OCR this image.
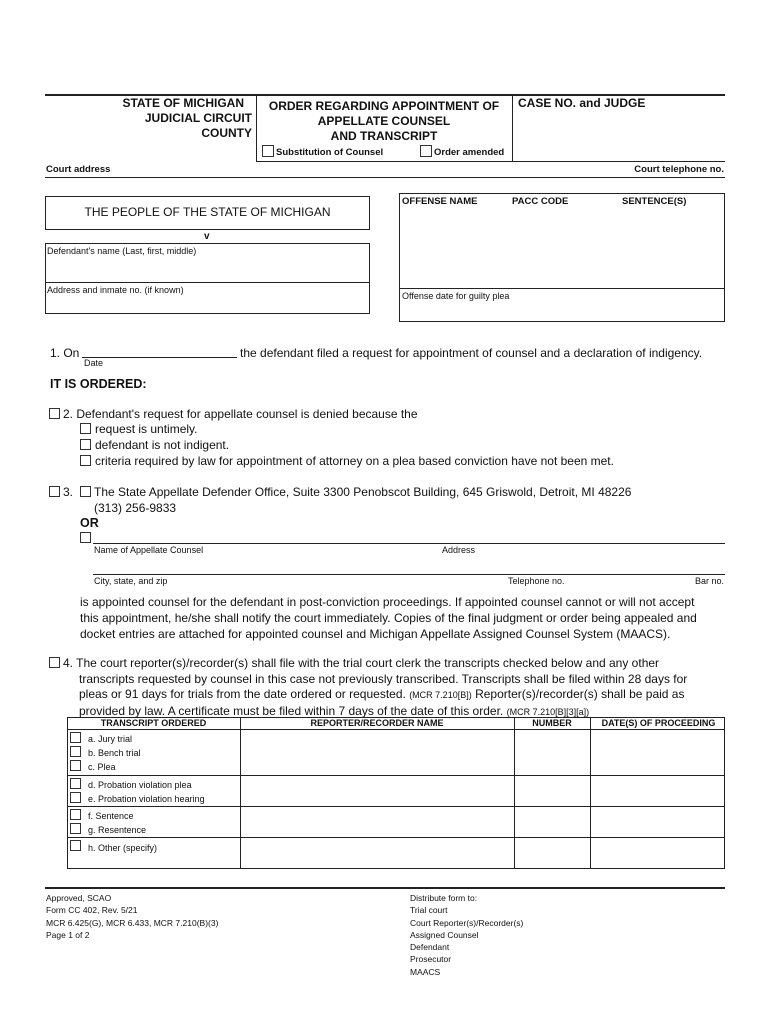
STATE OF MICHIGAN
JUDICIAL CIRCUIT
COUNTY
ORDER REGARDING APPOINTMENT OF
APPELLATE COUNSEL
AND TRANSCRIPT
Substitution of Counsel	Order amended
CASE NO. and JUDGE
Court address	Court telephone no.
THE PEOPLE OF THE STATE OF MICHIGAN
v
Defendant's name (Last, first, middle)
Address and inmate no. (if known)
OFFENSE NAME	PACC CODE	SENTENCE(S)
Offense date for guilty plea
1. On
Date
the defendant filed a request for appointment of counsel and a declaration of indigency.
IT IS ORDERED:
2. Defendant's request for appellate counsel is denied because the
request is untimely.
defendant is not indigent.
criteria required by law for appointment of attorney on a plea based conviction have not been met.
3. The State Appellate Defender Office, Suite 3300 Penobscot Building, 645 Griswold, Detroit, MI 48226
(313) 256-9833
OR
Name of Appellate Counsel	Address
City, state, and zip	Telephone no.	Bar no.
is appointed counsel for the defendant in post-conviction proceedings. If appointed counsel cannot or will not accept
this appointment, he/she shall notify the court immediately. Copies of the final judgment or order being appealed and
docket entries are attached for appointed counsel and Michigan Appellate Assigned Counsel System (MAACS).
4. The court reporter(s)/recorder(s) shall file with the trial court clerk the transcripts checked below and any other
transcripts requested by counsel in this case not previously transcribed. Transcripts shall be filed within 28 days for
pleas or 91 days for trials from the date ordered or requested. (MCR 7.210[B]) Reporter(s)/recorder(s) shall be paid as
provided by law. A certificate must be filed within 7 days of the date of this order. (MCR 7.210[B][3][a])
TRANSCRIPT ORDERED	REPORTER/RECORDER NAME	NUMBER	DATE(S) OF PROCEEDING
a. Jury trial
b. Bench trial
c. Plea
d. Probation violation plea
e. Probation violation hearing
f. Sentence
g. Resentence
h. Other (specify)
Approved, SCAO
Form CC 402, Rev. 5/21
MCR 6.425(G), MCR 6.433, MCR 7.210(B)(3)
Page 1 of 2
Distribute form to:
Trial court
Court Reporter(s)/Recorder(s)
Assigned Counsel
Defendant
Prosecutor
MAACS
